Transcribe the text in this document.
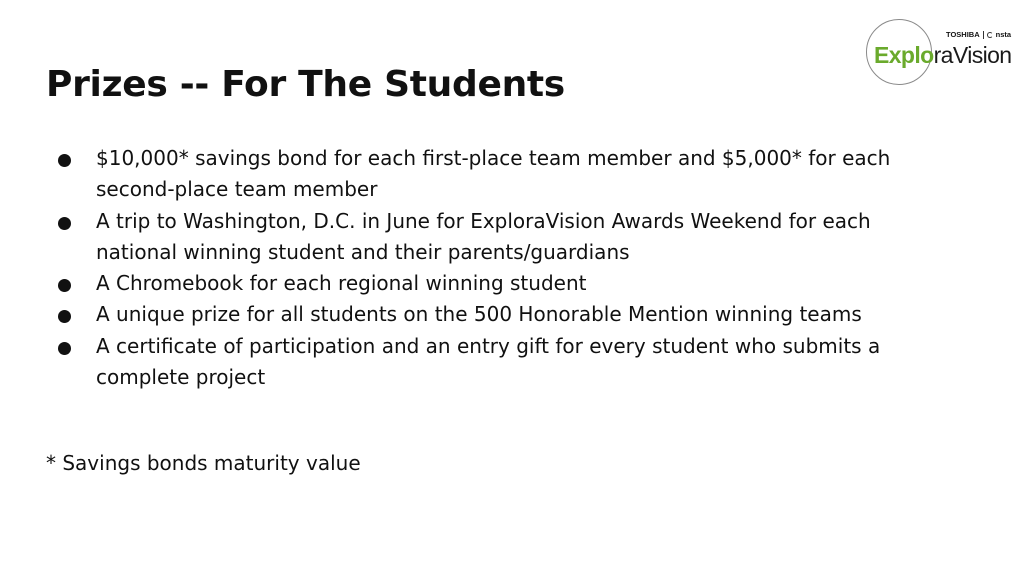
TOSHIBA nsta
ExploraVision
Prizes -- For The Students
$10,000* savings bond for each first-place team member and $5,000* for each second-place team member
A trip to Washington, D.C. in June for ExploraVision Awards Weekend for each national winning student and their parents/guardians
A Chromebook for each regional winning student
A unique prize for all students on the 500 Honorable Mention winning teams
A certificate of participation and an entry gift for every student who submits a complete project

* Savings bonds maturity value
